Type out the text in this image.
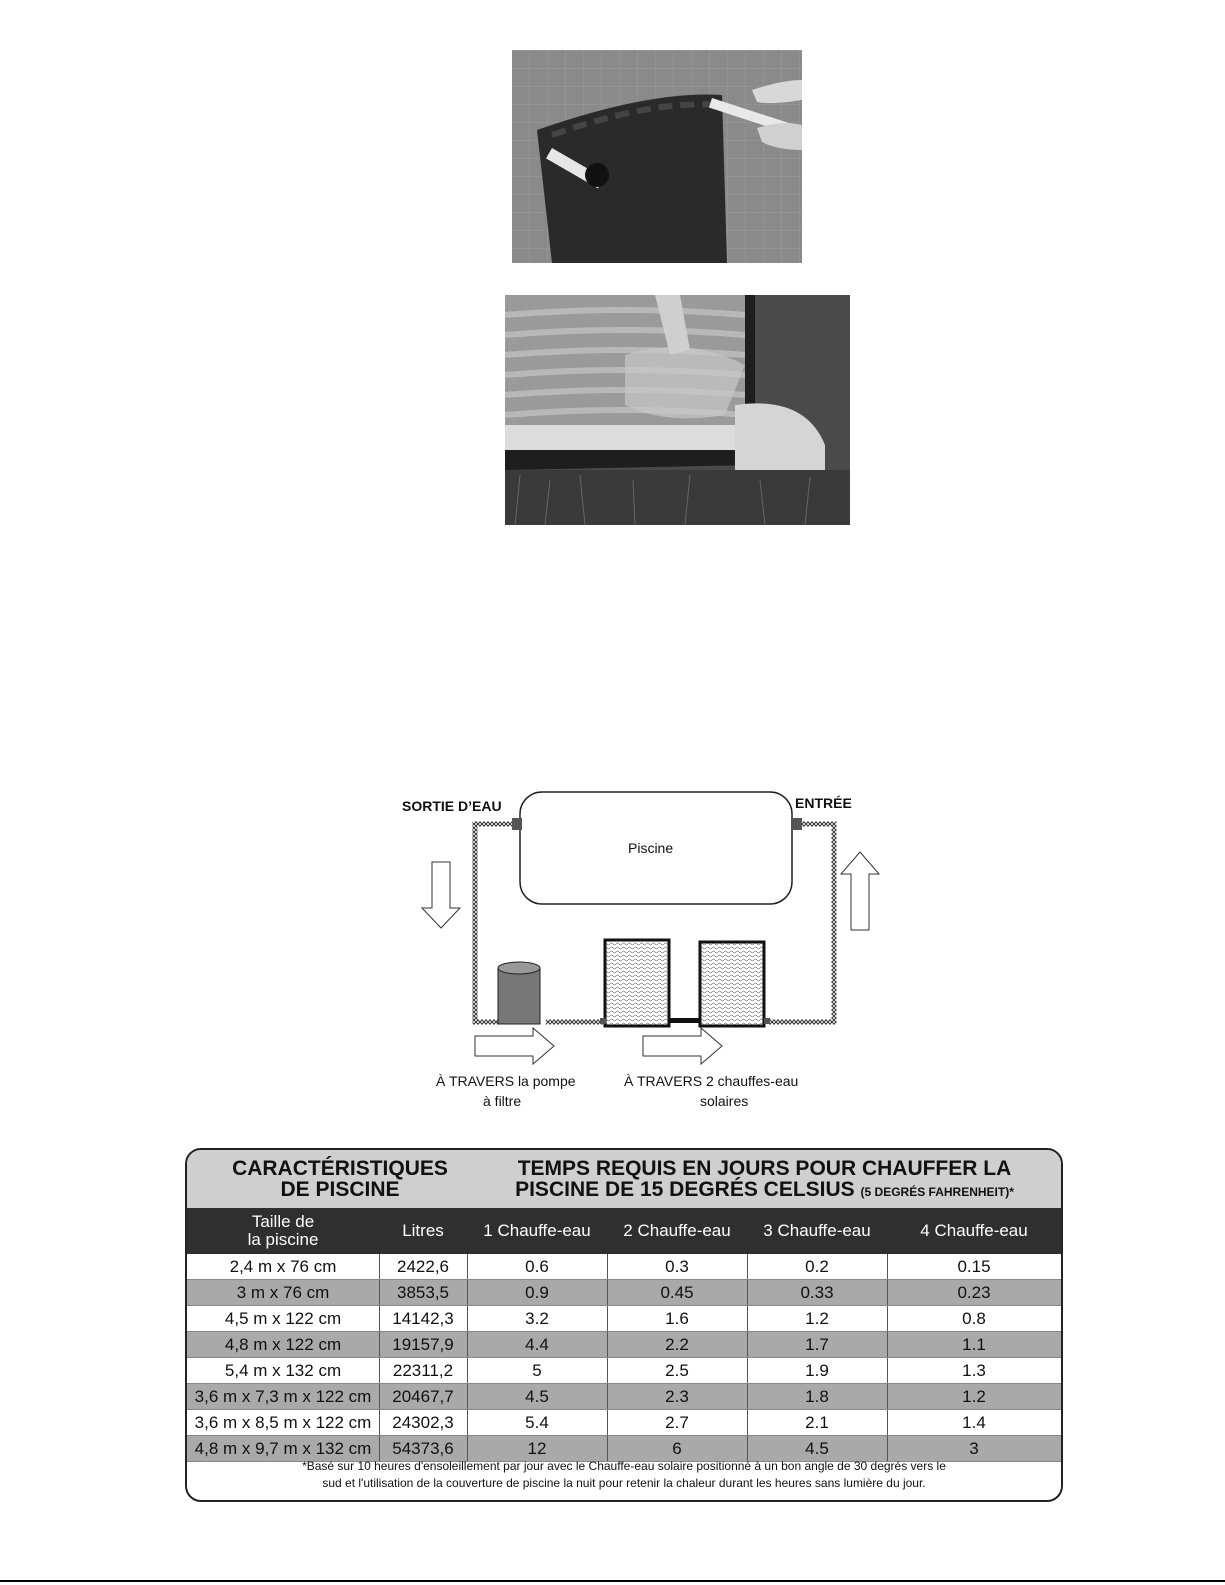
SORTIE D’EAU	ENTRÉE
Piscine
À TRAVERS la pompe
à filtre
À TRAVERS 2 chauffes-eau
solaires
CARACTÉRISTIQUES
DE PISCINE
TEMPS REQUIS EN JOURS POUR CHAUFFER LA
PISCINE DE 15 DEGRÉS CELSIUS (5 DEGRÉS FAHRENHEIT)*
Taille de
la piscine	Litres	1 Chauffe-eau	2 Chauffe-eau	3 Chauffe-eau	4 Chauffe-eau
2,4 m x 76 cm	2422,6	0.6	0.3	0.2	0.15
3 m x 76 cm	3853,5	0.9	0.45	0.33	0.23
4,5 m x 122 cm	14142,3	3.2	1.6	1.2	0.8
4,8 m x 122 cm	19157,9	4.4	2.2	1.7	1.1
5,4 m x 132 cm	22311,2	5	2.5	1.9	1.3
3,6 m x 7,3 m x 122 cm	20467,7	4.5	2.3	1.8	1.2
3,6 m x 8,5 m x 122 cm	24302,3	5.4	2.7	2.1	1.4
4,8 m x 9,7 m x 132 cm	54373,6	12	6	4.5	3
*Basé sur 10 heures d'ensoleillement par jour avec le Chauffe-eau solaire positionné à un bon angle de 30 degrés vers le
sud et l'utilisation de la couverture de piscine la nuit pour retenir la chaleur durant les heures sans lumière du jour.
